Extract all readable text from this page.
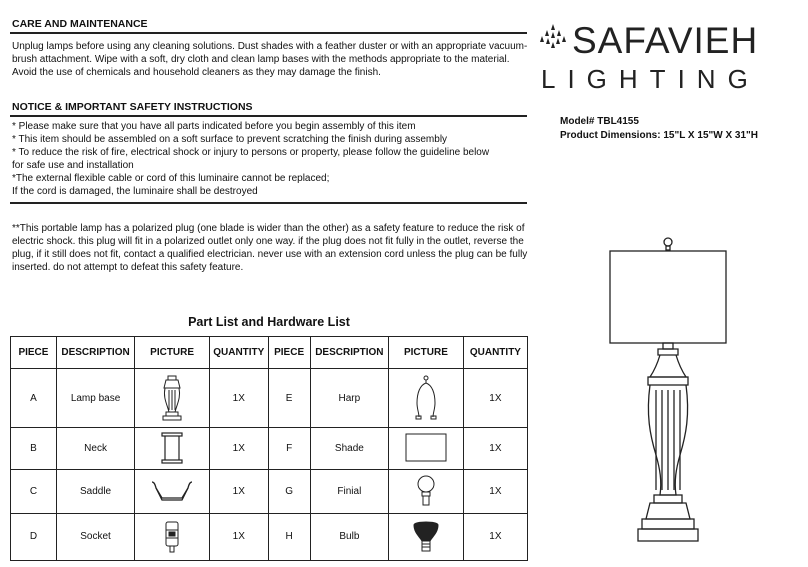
CARE AND MAINTENANCE
Unplug lamps before using any cleaning solutions. Dust shades with a feather duster or with an appropriate vacuum-brush attachment. Wipe with a soft, dry cloth and clean lamp bases with the methods appropriate to the material. Avoid the use of chemicals and household cleaners as they may damage the finish.
NOTICE & IMPORTANT SAFETY INSTRUCTIONS
* Please make sure that you have all parts indicated before you begin assembly of this item
* This item should be assembled on a soft surface to prevent scratching the finish during assembly
* To reduce the risk of fire, electrical shock or injury to persons or property, please follow the guideline below
for safe use and installation
*The external flexible cable or cord of this luminaire cannot be replaced;
If the cord is damaged, the luminaire shall be destroyed
**This portable lamp has a polarized plug (one blade is wider than the other) as a safety feature to reduce the risk of electric shock. this plug will fit in a polarized outlet only one way. if the plug does not fit fully in the outlet, reverse the plug, if it still does not fit, contact a qualified electrician. never use with an extension cord unless the plug can be fully inserted. do not attempt to defeat this safety feature.
SAFAVIEH
LIGHTING
Model# TBL4155
Product Dimensions: 15"L X 15"W X 31"H
Part List and Hardware List
PIECE	DESCRIPTION	PICTURE	QUANTITY	PIECE	DESCRIPTION	PICTURE	QUANTITY
A	Lamp base		1X	E	Harp		1X
B	Neck		1X	F	Shade		1X
C	Saddle		1X	G	Finial		1X
D	Socket		1X	H	Bulb		1X
